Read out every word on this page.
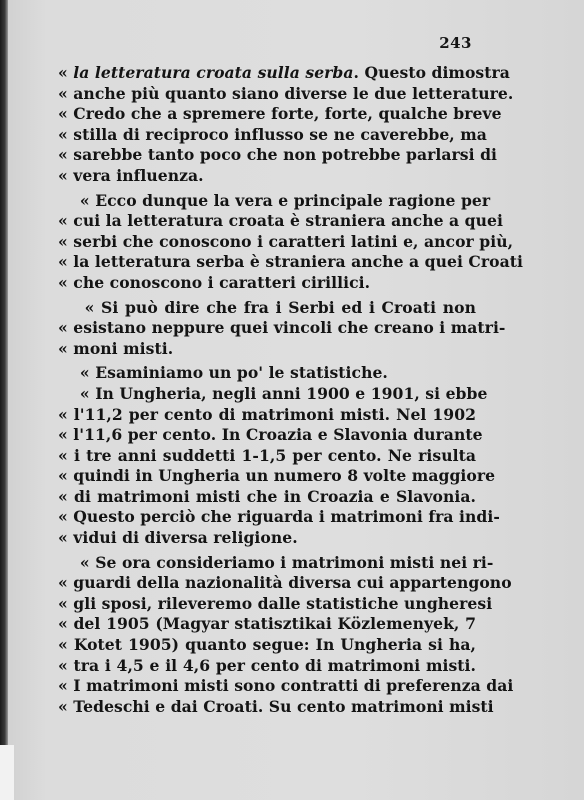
243
« la letteratura croata sulla serba. Questo dimostra
« anche più quanto siano diverse le due letterature.
« Credo che a spremere forte, forte, qualche breve
« stilla di reciproco influsso se ne caverebbe, ma
« sarebbe tanto poco che non potrebbe parlarsi di
« vera influenza.
« Ecco dunque la vera e principale ragione per
« cui la letteratura croata è straniera anche a quei
« serbi che conoscono i caratteri latini e, ancor più,
« la letteratura serba è straniera anche a quei Croati
« che conoscono i caratteri cirillici.
« Si può dire che fra i Serbi ed i Croati non
« esistano neppure quei vincoli che creano i matri-
« moni misti.
« Esaminiamo un po' le statistiche.
« In Ungheria, negli anni 1900 e 1901, si ebbe
« l'11,2 per cento di matrimoni misti. Nel 1902
« l'11,6 per cento. In Croazia e Slavonia durante
« i tre anni suddetti 1-1,5 per cento. Ne risulta
« quindi in Ungheria un numero 8 volte maggiore
« di matrimoni misti che in Croazia e Slavonia.
« Questo perciò che riguarda i matrimoni fra indi-
« vidui di diversa religione.
« Se ora consideriamo i matrimoni misti nei ri-
« guardi della nazionalità diversa cui appartengono
« gli sposi, rileveremo dalle statistiche ungheresi
« del 1905 (Magyar statisztikai Közlemenyek, 7
« Kotet 1905) quanto segue: In Ungheria si ha,
« tra i 4,5 e il 4,6 per cento di matrimoni misti.
« I matrimoni misti sono contratti di preferenza dai
« Tedeschi e dai Croati. Su cento matrimoni misti
